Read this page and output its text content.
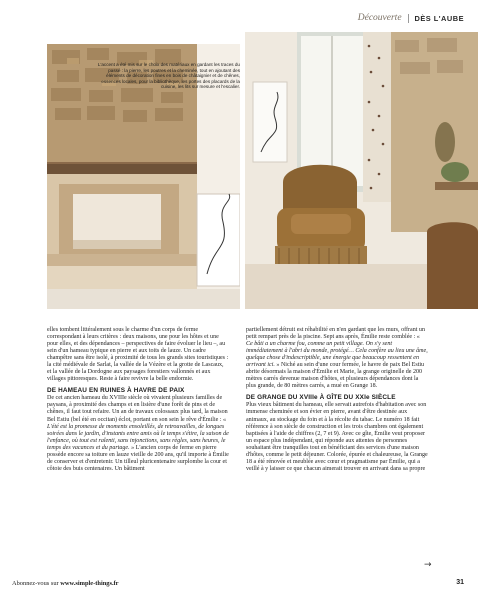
Découverte DÈS L'AUBE
L'accent a été mis sur le choix des matériaux en gardant les traces du passé : la pierre, les poutres et la cheminée, tout en ajoutant des éléments de décoration fines en bois de châtaignier et de chênes, essences locales, pour la bibliothèque, les portes des placards de la cuisine, les lits sur mesure et l'escalier.

elles tombent littéralement sous le charme d'un corps de ferme correspondant à leurs critères : deux maisons, une pour les hôtes et une pour elles, et des dépendances – perspectives de faire évoluer le lieu –, au sein d'un hameau typique en pierre et aux toits de lauze. Un cadre champêtre sans être isolé, à proximité de tous les grands sites touristiques : la cité médiévale de Sarlat, la vallée de la Vézère et la grotte de Lascaux, et la vallée de la Dordogne aux paysages forestiers vallonnés et aux villages pittoresques. Reste à faire revivre la belle endormie.

DE HAMEAU EN RUINES À HAVRE DE PAIX

De cet ancien hameau du XVIIIe siècle où vivaient plusieurs familles de paysans, à proximité des champs et en lisière d'une forêt de pins et de chênes, il faut tout refaire. Un an de travaux colossaux plus tard, la maison Bel Estiu (bel été en occitan) éclot, portant en son sein le rêve d'Émilie : « L'été est la promesse de moments ensoleillés, de retrouvailles, de longues soirées dans le jardin, d'instants entre amis où le temps s'étire, la saison de l'enfance, où tout est ralenti, sans injonctions, sans règles, sans heures, le temps des vacances et du partage. » L'ancien corps de ferme en pierre possède encore sa toiture en lauze vieille de 200 ans, qu'il importe à Émilie de conserver et d'entretenir. Un tilleul pluricentenaire surplombe la cour et côtoie des buis centenaires. Un bâtiment

partiellement détruit est réhabilité en n'en gardant que les murs, offrant un petit rempart près de la piscine. Sept ans après, Émilie reste comblée : « Ce bâti a un charme fou, comme un petit village. On s'y sent immédiatement à l'abri du monde, protégé… Cela confère au lieu une âme, quelque chose d'indescriptible, une énergie que beaucoup ressentent en arrivant ici. » Niché au sein d'une cour fermée, le havre de paix Bel Estiu abrite désormais la maison d'Émilie et Marie, la grange originelle de 200 mètres carrés devenue maison d'hôtes, et plusieurs dépendances dont la plus grande, de 80 mètres carrés, a mué en Grange 18.

DE GRANGE DU XVIIIe À GÎTE DU XXIe SIÈCLE

Plus vieux bâtiment du hameau, elle servait autrefois d'habitation avec son immense cheminée et son évier en pierre, avant d'être destinée aux animaux, au stockage du foin et à la récolte du tabac. Le numéro 18 fait référence à son siècle de construction et les trois chambres ont également baptisées à l'aide de chiffres (2, 7 et 9). Avec ce gîte, Émilie veut proposer un espace plus indépendant, qui réponde aux attentes de personnes souhaitant être tranquilles tout en bénéficiant des services d'une maison d'hôtes, comme le petit déjeuner. Colorée, épurée et chaleureuse, la Grange 18 a été rénovée et meublée avec cœur et pragmatisme par Émilie, qui a veillé à y laisser ce que chacun aimerait trouver en arrivant dans sa propre

→
Abonnez-vous sur www.simple-things.fr	31
